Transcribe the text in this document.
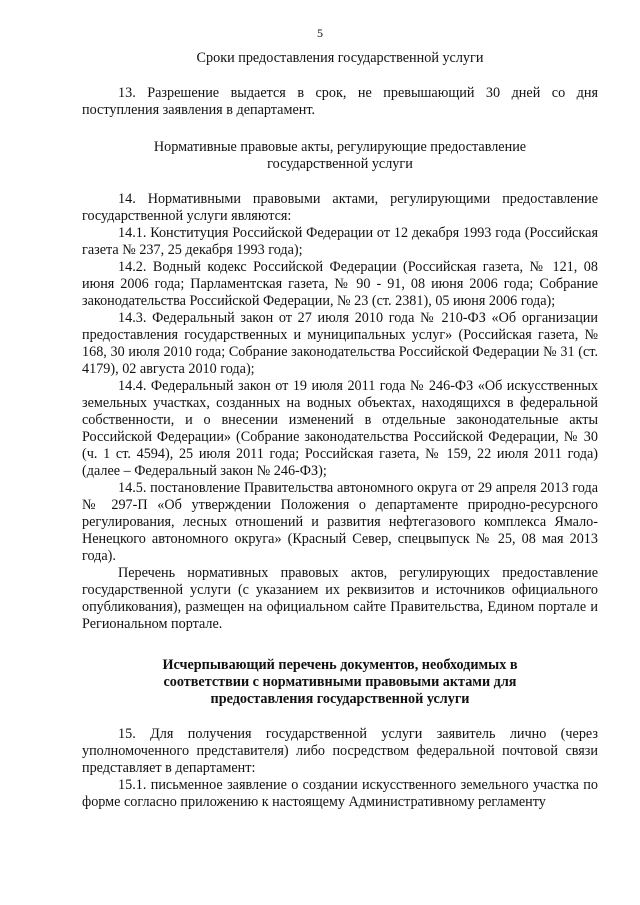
5
Сроки предоставления государственной услуги

13. Разрешение выдается в срок, не превышающий 30 дней со дня поступления заявления в департамент.

Нормативные правовые акты, регулирующие предоставление
государственной услуги

14. Нормативными правовыми актами, регулирующими предоставление государственной услуги являются:

14.1. Конституция Российской Федерации от 12 декабря 1993 года (Российская газета № 237, 25 декабря 1993 года);

14.2. Водный кодекс Российской Федерации (Российская газета, № 121, 08 июня 2006 года; Парламентская газета, № 90 - 91, 08 июня 2006 года; Собрание законодательства Российской Федерации, № 23 (ст. 2381), 05 июня 2006 года);

14.3. Федеральный закон от 27 июля 2010 года № 210-ФЗ «Об организации предоставления государственных и муниципальных услуг» (Российская газета, № 168, 30 июля 2010 года; Собрание законодательства Российской Федерации № 31 (ст. 4179), 02 августа 2010 года);

14.4. Федеральный закон от 19 июля 2011 года № 246-ФЗ «Об искусственных земельных участках, созданных на водных объектах, находящихся в федеральной собственности, и о внесении изменений в отдельные законодательные акты Российской Федерации» (Собрание законодательства Российской Федерации, № 30 (ч. 1 ст. 4594), 25 июля 2011 года; Российская газета, № 159, 22 июля 2011 года) (далее – Федеральный закон № 246-ФЗ);

14.5. постановление Правительства автономного округа от 29 апреля 2013 года № 297-П «Об утверждении Положения о департаменте природно-ресурсного регулирования, лесных отношений и развития нефтегазового комплекса Ямало-Ненецкого автономного округа» (Красный Север, спецвыпуск № 25, 08 мая 2013 года).

Перечень нормативных правовых актов, регулирующих предоставление государственной услуги (с указанием их реквизитов и источников официального опубликования), размещен на официальном сайте Правительства, Едином портале и Региональном портале.

Исчерпывающий перечень документов, необходимых в
соответствии с нормативными правовыми актами для
предоставления государственной услуги

15. Для получения государственной услуги заявитель лично (через уполномоченного представителя) либо посредством федеральной почтовой связи представляет в департамент:

15.1. письменное заявление о создании искусственного земельного участка по форме согласно приложению к настоящему Административному регламенту
